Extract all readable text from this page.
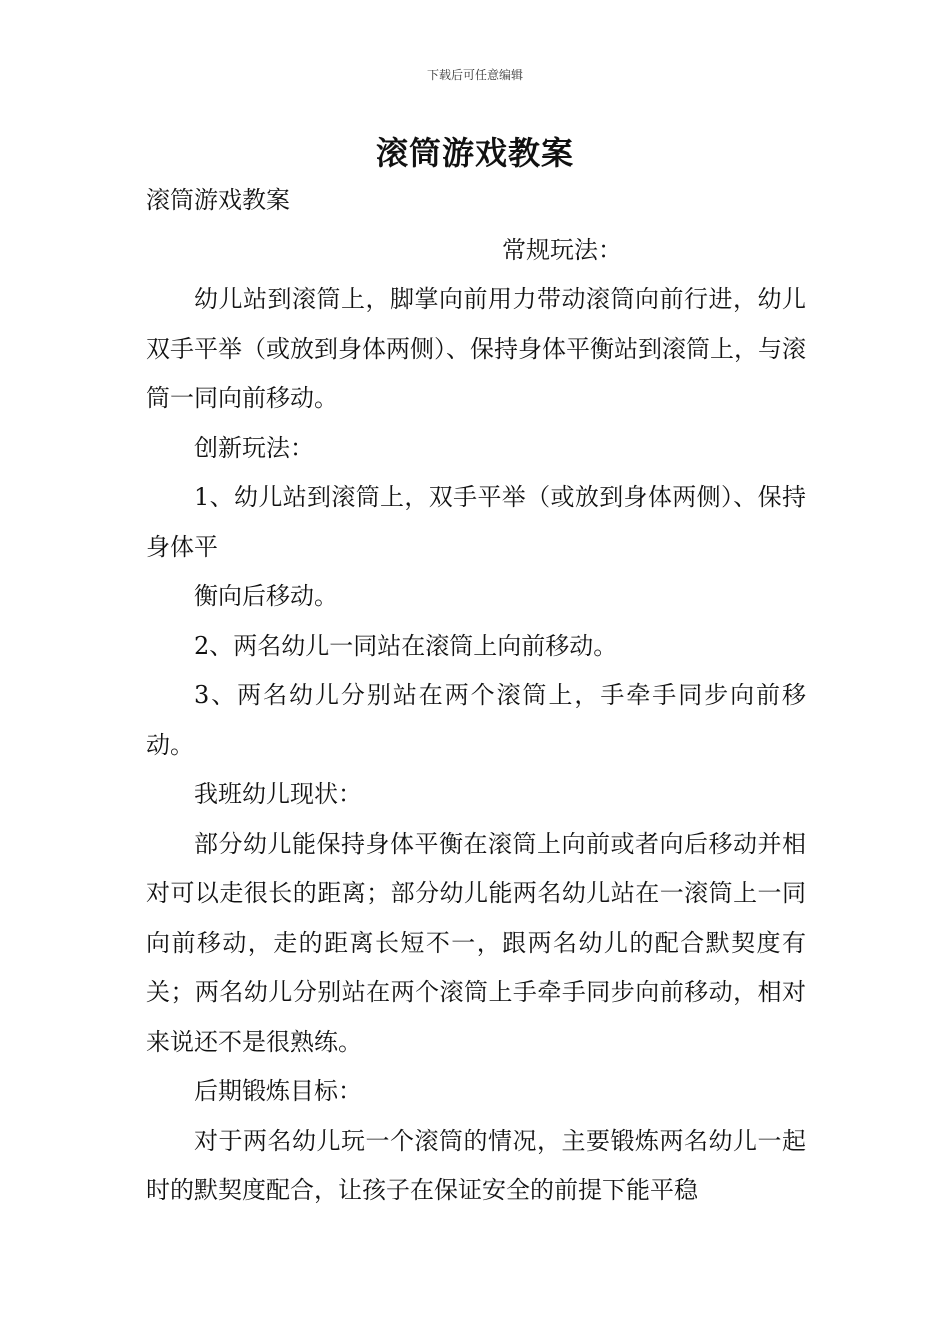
下载后可任意编辑
滚筒游戏教案

滚筒游戏教案

常规玩法：

幼儿站到滚筒上，脚掌向前用力带动滚筒向前行进，幼儿双手平举（或放到身体两侧）、保持身体平衡站到滚筒上，与滚筒一同向前移动。

创新玩法：

1、幼儿站到滚筒上，双手平举（或放到身体两侧）、保持身体平

衡向后移动。

2、两名幼儿一同站在滚筒上向前移动。

3、两名幼儿分别站在两个滚筒上，手牵手同步向前移动。

我班幼儿现状：

部分幼儿能保持身体平衡在滚筒上向前或者向后移动并相对可以走很长的距离；部分幼儿能两名幼儿站在一滚筒上一同向前移动，走的距离长短不一，跟两名幼儿的配合默契度有关；两名幼儿分别站在两个滚筒上手牵手同步向前移动，相对来说还不是很熟练。

后期锻炼目标：

对于两名幼儿玩一个滚筒的情况，主要锻炼两名幼儿一起时的默契度配合，让孩子在保证安全的前提下能平稳
